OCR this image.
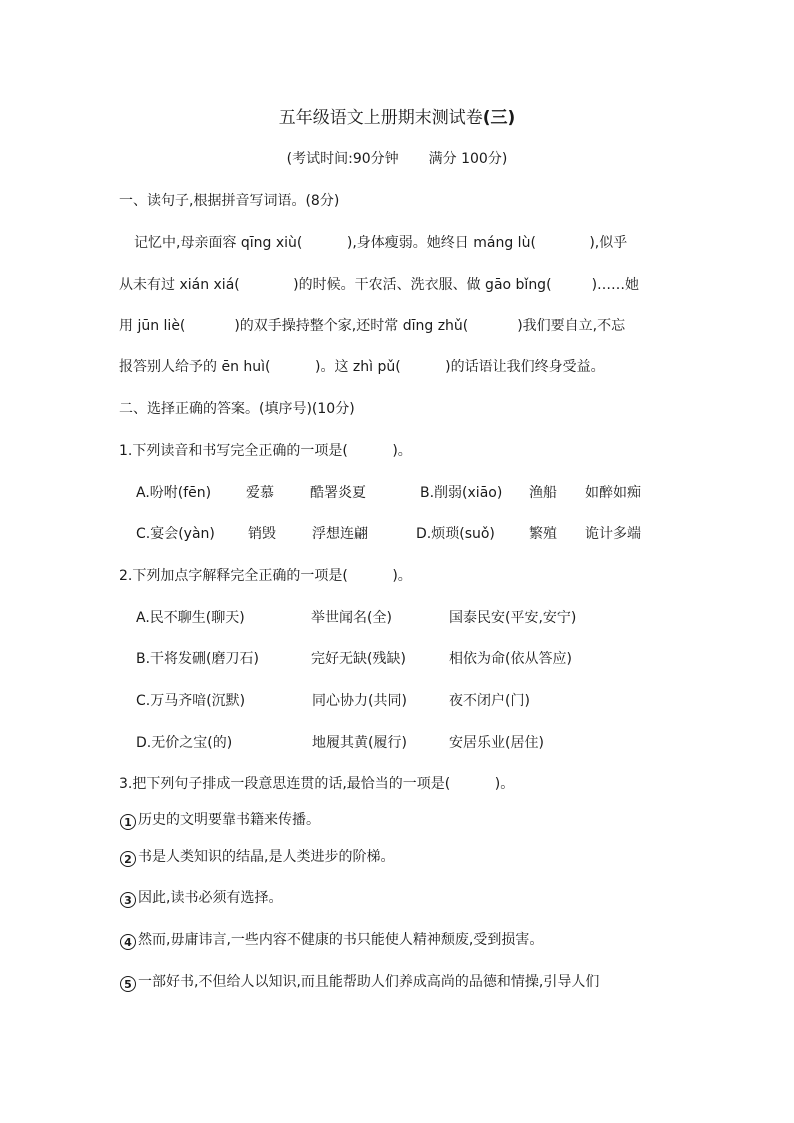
五年级语文上册期末测试卷(三)
(考试时间:90分钟 满分 100分)
一、读句子,根据拼音写词语。(8分)
记忆中,母亲面容 qīng xiù(          ),身体瘦弱。她终日 máng lù(            ),似乎
从未有过 xián xiá(            )的时候。干农活、洗衣服、做 gāo bǐng(         )……她
用 jūn liè(           )的双手操持整个家,还时常 dīng zhǔ(           )我们要自立,不忘
报答别人给予的 ēn huì(          )。这 zhì pǔ(          )的话语让我们终身受益。
二、选择正确的答案。(填序号)(10分)
1.下列读音和书写完全正确的一项是(          )。
A.吩咐(fēn) 爱慕	酷署炎夏	B.削弱(xiāo) 渔船 如醉如痴
C.宴会(yàn) 销毁	浮想连翩	D.烦琐(suǒ) 繁殖 诡计多端
2.下列加点字解释完全正确的一项是(          )。
A.民不聊生(聊天)	举世闻名(全)	国泰民安(平安,安宁)
B.干将发硎(磨刀石)	完好无缺(残缺)	相依为命(依从答应)
C.万马齐喑(沉默)	同心协力(共同)	夜不闭户(门)
D.无价之宝(的)	地履其黄(履行)	安居乐业(居住)
3.把下列句子排成一段意思连贯的话,最恰当的一项是(          )。
1 历史的文明要靠书籍来传播。
2 书是人类知识的结晶,是人类进步的阶梯。
3 因此,读书必须有选择。
4 然而,毋庸讳言,一些内容不健康的书只能使人精神颓废,受到损害。
5 一部好书,不但给人以知识,而且能帮助人们养成高尚的品德和情操,引导人们
